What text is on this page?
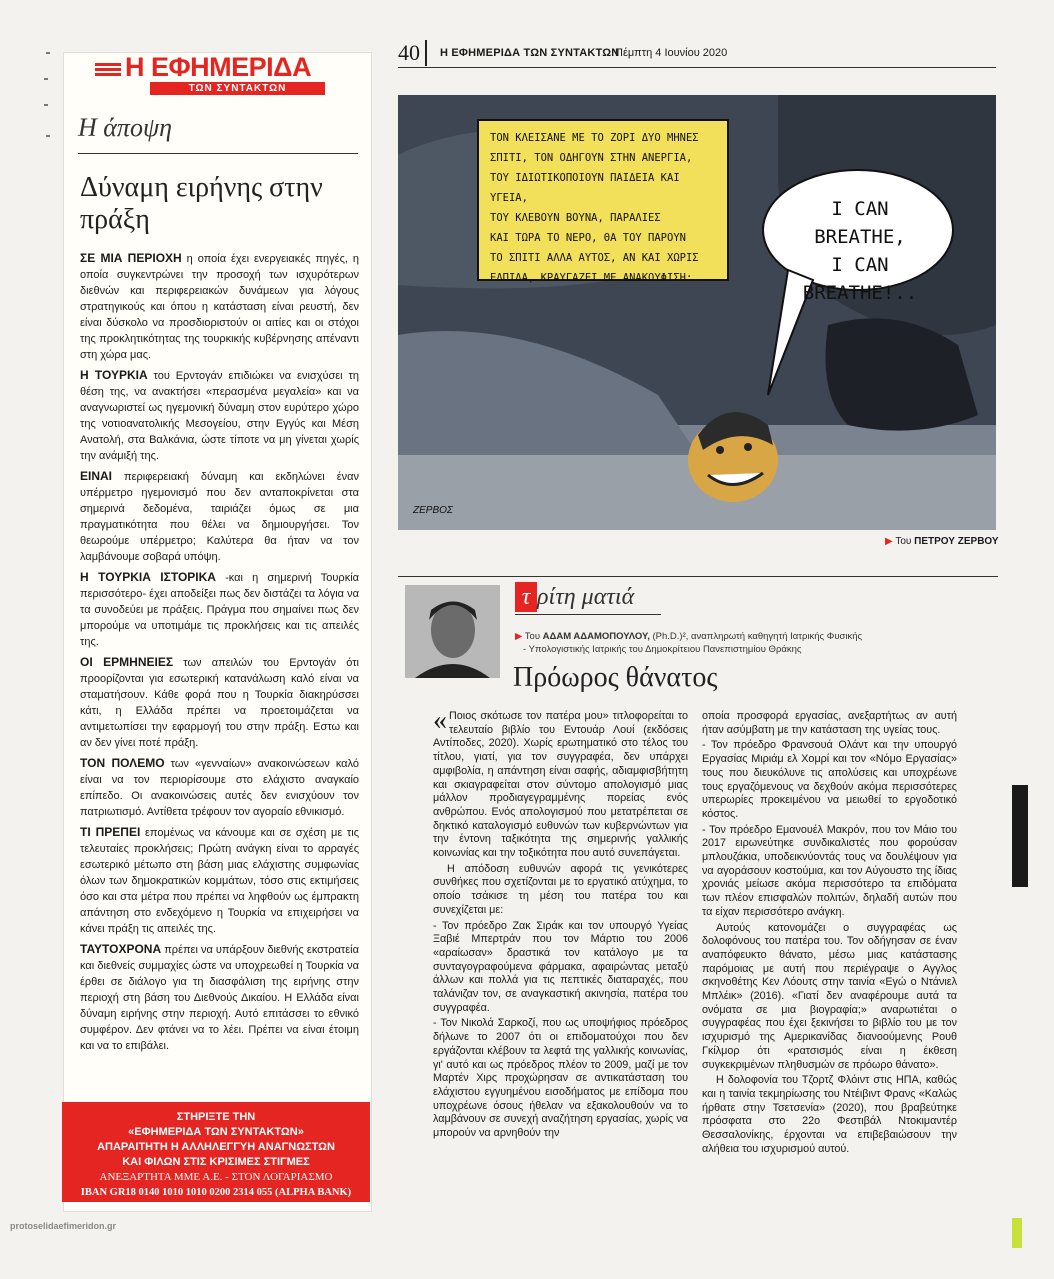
40 Η ΕΦΗΜΕΡΙΔΑ ΤΩΝ ΣΥΝΤΑΚΤΩΝ
Πέμπτη 4 Ιουνίου 2020
Η ΕΦΗΜΕΡΙΔΑ
ΤΩΝ ΣΥΝΤΑΚΤΩΝ
Η άποψη
Δύναμη ειρήνης στην πράξη

ΣΕ ΜΙΑ ΠΕΡΙΟΧΗ η οποία έχει ενεργειακές πηγές, η οποία συγκεντρώνει την προσοχή των ισχυρότερων διεθνών και περιφερειακών δυνάμεων για λόγους στρατηγικούς και όπου η κατάσταση είναι ρευστή, δεν είναι δύσκολο να προσδιοριστούν οι αιτίες και οι στόχοι της προκλητικότητας της τουρκικής κυβέρνησης απέναντι στη χώρα μας.

Η ΤΟΥΡΚΙΑ του Ερντογάν επιδιώκει να ενισχύσει τη θέση της, να ανακτήσει «περασμένα μεγαλεία» και να αναγνωριστεί ως ηγεμονική δύναμη στον ευρύτερο χώρο της νοτιοανατολικής Μεσογείου, στην Εγγύς και Μέση Ανατολή, στα Βαλκάνια, ώστε τίποτε να μη γίνεται χωρίς την ανάμιξή της.

ΕΙΝΑΙ περιφερειακή δύναμη και εκδηλώνει έναν υπέρμετρο ηγεμονισμό που δεν ανταποκρίνεται στα σημερινά δεδομένα, ταιριάζει όμως σε μια πραγματικότητα που θέλει να δημιουργήσει. Τον θεωρούμε υπέρμετρο; Καλύτερα θα ήταν να τον λαμβάνουμε σοβαρά υπόψη.

Η ΤΟΥΡΚΙΑ ΙΣΤΟΡΙΚΑ -και η σημερινή Τουρκία περισσότερο- έχει αποδείξει πως δεν διστάζει τα λόγια να τα συνοδεύει με πράξεις. Πράγμα που σημαίνει πως δεν μπορούμε να υποτιμάμε τις προκλήσεις και τις απειλές της.

ΟΙ ΕΡΜΗΝΕΙΕΣ των απειλών του Ερντογάν ότι προορίζονται για εσωτερική κατανάλωση καλό είναι να σταματήσουν. Κάθε φορά που η Τουρκία διακηρύσσει κάτι, η Ελλάδα πρέπει να προετοιμάζεται να αντιμετωπίσει την εφαρμογή του στην πράξη. Εστω και αν δεν γίνει ποτέ πράξη.

ΤΟΝ ΠΟΛΕΜΟ των «γενναίων» ανακοινώσεων καλό είναι να τον περιορίσουμε στο ελάχιστο αναγκαίο επίπεδο. Οι ανακοινώσεις αυτές δεν ενισχύουν τον πατριωτισμό. Αντίθετα τρέφουν τον αγοραίο εθνικισμό.

ΤΙ ΠΡΕΠΕΙ επομένως να κάνουμε και σε σχέση με τις τελευταίες προκλήσεις; Πρώτη ανάγκη είναι το αρραγές εσωτερικό μέτωπο στη βάση μιας ελάχιστης συμφωνίας όλων των δημοκρατικών κομμάτων, τόσο στις εκτιμήσεις όσο και στα μέτρα που πρέπει να ληφθούν ως έμπρακτη απάντηση στο ενδεχόμενο η Τουρκία να επιχειρήσει να κάνει πράξη τις απειλές της.

ΤΑΥΤΟΧΡΟΝΑ πρέπει να υπάρξουν διεθνής εκστρατεία και διεθνείς συμμαχίες ώστε να υποχρεωθεί η Τουρκία να έρθει σε διάλογο για τη διασφάλιση της ειρήνης στην περιοχή στη βάση του Διεθνούς Δικαίου. Η Ελλάδα είναι δύναμη ειρήνης στην περιοχή. Αυτό επιτάσσει το εθνικό συμφέρον. Δεν φτάνει να το λέει. Πρέπει να είναι έτοιμη και να το επιβάλει.

ΣΤΗΡΙΞΤΕ ΤΗΝ
«ΕΦΗΜΕΡΙΔΑ ΤΩΝ ΣΥΝΤΑΚΤΩΝ»
ΑΠΑΡΑΙΤΗΤΗ Η ΑΛΛΗΛΕΓΓΥΗ ΑΝΑΓΝΩΣΤΩΝ
ΚΑΙ ΦΙΛΩΝ ΣΤΙΣ ΚΡΙΣΙΜΕΣ ΣΤΙΓΜΕΣ
ΑΝΕΞΑΡΤΗΤΑ ΜΜΕ Α.Ε. - ΣΤΟΝ ΛΟΓΑΡΙΑΣΜΟ
IBAN GR18 0140 1010 1010 0200 2314 055 (ALPHA BANK)
protoselidaefimeridon.gr
ΤΟΝ ΚΛΕΙΣΑΝΕ ΜΕ ΤΟ ΖΟΡΙ ΔΥΟ ΜΗΝΕΣ
ΣΠΙΤΙ, ΤΟΝ ΟΔΗΓΟΥΝ ΣΤΗΝ ΑΝΕΡΓΙΑ,
ΤΟΥ ΙΔΙΩΤΙΚΟΠΟΙΟΥΝ ΠΑΙΔΕΙΑ ΚΑΙ ΥΓΕΙΑ,
ΤΟΥ ΚΛΕΒΟΥΝ ΒΟΥΝΑ, ΠΑΡΑΛΙΕΣ
ΚΑΙ ΤΩΡΑ ΤΟ ΝΕΡΟ, ΘΑ ΤΟΥ ΠΑΡΟΥΝ
ΤΟ ΣΠΙΤΙ ΑΛΛΑ ΑΥΤΟΣ, ΑΝ ΚΑΙ ΧΩΡΙΣ
ΕΛΠΙΔΑ, ΚΡΑΥΓΑΖΕΙ ΜΕ ΑΝΑΚΟΥΦΙΣΗ:
I CAN BREATHE,
I CAN BREATHE!..
ΖΕΡΒΟΣ
▶ Του ΠΕΤΡΟΥ ΖΕΡΒΟΥ
τ ρίτη ματιά
▶ Του ΑΔΑΜ ΑΔΑΜΟΠΟΥΛΟΥ, (Ph.D.)², αναπληρωτή καθηγητή Ιατρικής Φυσικής
- Υπολογιστικής Ιατρικής του Δημοκρίτειου Πανεπιστημίου Θράκης
Πρόωρος θάνατος

« Ποιος σκότωσε τον πατέρα μου» τιτλοφορείται το τελευταίο βιβλίο του Εντουάρ Λουί (εκδόσεις Αντίποδες, 2020). Χωρίς ερωτηματικό στο τέλος του τίτλου, γιατί, για τον συγγραφέα, δεν υπάρχει αμφιβολία, η απάντηση είναι σαφής, αδιαμφισβήτητη και σκιαγραφείται στον σύντομο απολογισμό μιας μάλλον προδιαγεγραμμένης πορείας ενός ανθρώπου. Ενός απολογισμού που μετατρέπεται σε δηκτικό καταλογισμό ευθυνών των κυβερνώντων για την έντονη ταξικότητα της σημερινής γαλλικής κοινωνίας και την τοξικότητα που αυτό συνεπάγεται.

Η απόδοση ευθυνών αφορά τις γενικότερες συνθήκες που σχετίζονται με το εργατικό ατύχημα, το οποίο τσάκισε τη μέση του πατέρα του και συνεχίζεται με:

- Τον πρόεδρο Ζακ Σιράκ και τον υπουργό Υγείας Ξαβιέ Μπερτράν που τον Μάρτιο του 2006 «αραίωσαν» δραστικά τον κατάλογο με τα συνταγογραφούμενα φάρμακα, αφαιρώντας μεταξύ άλλων και πολλά για τις πεπτικές διαταραχές, που ταλάνιζαν τον, σε αναγκαστική ακινησία, πατέρα του συγγραφέα.

- Τον Νικολά Σαρκοζί, που ως υποψήφιος πρόεδρος δήλωνε το 2007 ότι οι επιδοματούχοι που δεν εργάζονται κλέβουν τα λεφτά της γαλλικής κοινωνίας, γι' αυτό και ως πρόεδρος πλέον το 2009, μαζί με τον Μαρτέν Χιρς προχώρησαν σε αντικατάσταση του ελάχιστου εγγυημένου εισοδήματος με επίδομα που υποχρέωνε όσους ήθελαν να εξακολουθούν να το λαμβάνουν σε συνεχή αναζήτηση εργασίας, χωρίς να μπορούν να αρνηθούν την

οποία προσφορά εργασίας, ανεξαρτήτως αν αυτή ήταν ασύμβατη με την κατάσταση της υγείας τους.

- Τον πρόεδρο Φρανσουά Ολάντ και την υπουργό Εργασίας Μιριάμ ελ Χομρί και τον «Νόμο Εργασίας» τους που διευκόλυνε τις απολύσεις και υποχρέωνε τους εργαζόμενους να δεχθούν ακόμα περισσότερες υπερωρίες προκειμένου να μειωθεί το εργοδοτικό κόστος.

- Τον πρόεδρο Εμανουέλ Μακρόν, που τον Μάιο του 2017 ειρωνεύτηκε συνδικαλιστές που φορούσαν μπλουζάκια, υποδεικνύοντάς τους να δουλέψουν για να αγοράσουν κοστούμια, και τον Αύγουστο της ίδιας χρονιάς μείωσε ακόμα περισσότερο τα επιδόματα των πλέον επισφαλών πολιτών, δηλαδή αυτών που τα είχαν περισσότερο ανάγκη.

Αυτούς κατονομάζει ο συγγραφέας ως δολοφόνους του πατέρα του. Τον οδήγησαν σε έναν αναπόφευκτο θάνατο, μέσω μιας κατάστασης παρόμοιας με αυτή που περιέγραψε ο Αγγλος σκηνοθέτης Κεν Λόουτς στην ταινία «Εγώ ο Ντάνιελ Μπλέικ» (2016). «Γιατί δεν αναφέρουμε αυτά τα ονόματα σε μια βιογραφία;» αναρωτιέται ο συγγραφέας που έχει ξεκινήσει το βιβλίο του με τον ισχυρισμό της Αμερικανίδας διανοούμενης Ρουθ Γκίλμορ ότι «ρατσισμός είναι η έκθεση συγκεκριμένων πληθυσμών σε πρόωρο θάνατο».

Η δολοφονία του Τζορτζ Φλόιντ στις ΗΠΑ, καθώς και η ταινία τεκμηρίωσης του Ντέιβιντ Φρανς «Καλώς ήρθατε στην Τσετσενία» (2020), που βραβεύτηκε πρόσφατα στο 22ο Φεστιβάλ Ντοκιμαντέρ Θεσσαλονίκης, έρχονται να επιβεβαιώσουν την αλήθεια του ισχυρισμού αυτού.
